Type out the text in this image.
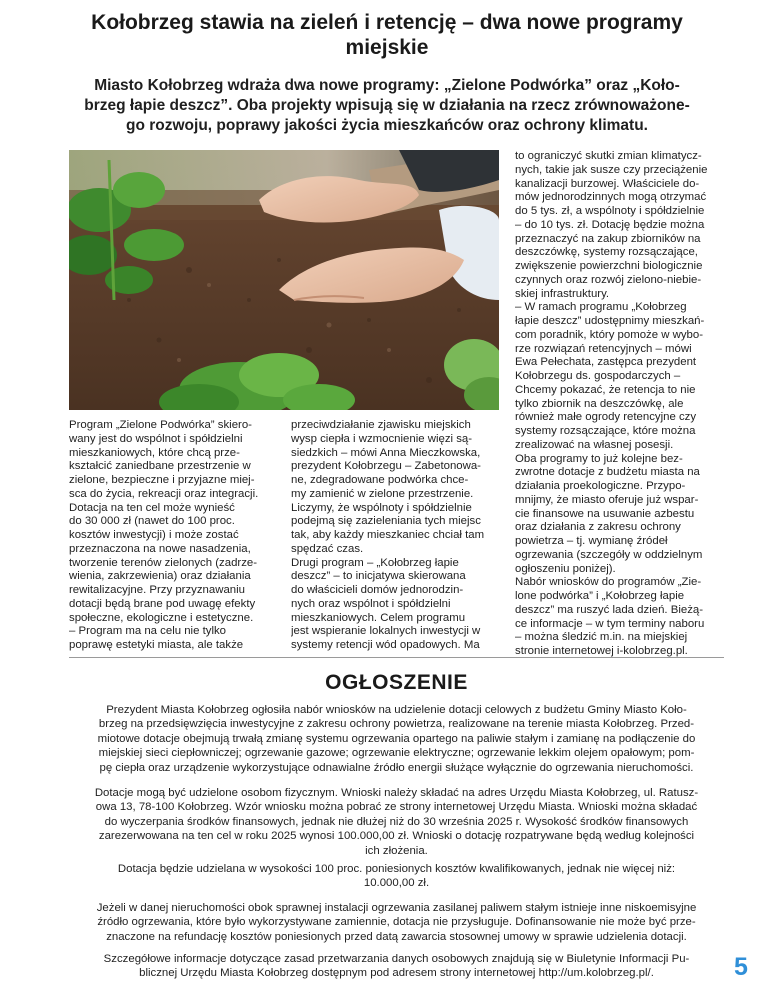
Kołobrzeg stawia na zieleń i retencję – dwa nowe programy
miejskie

Miasto Kołobrzeg wdraża dwa nowe programy: „Zielone Podwórka” oraz „Koło-
brzeg łapie deszcz”. Oba projekty wpisują się w działania na rzecz zrównoważone-
go rozwoju, poprawy jakości życia mieszkańców oraz ochrony klimatu.

Program „Zielone Podwórka” skiero-
wany jest do wspólnot i spółdzielni
mieszkaniowych, które chcą prze-
kształcić zaniedbane przestrzenie w
zielone, bezpieczne i przyjazne miej-
sca do życia, rekreacji oraz integracji.
Dotacja na ten cel może wynieść
do 30 000 zł (nawet do 100 proc.
kosztów inwestycji) i może zostać
przeznaczona na nowe nasadzenia,
tworzenie terenów zielonych (zadrze-
wienia, zakrzewienia) oraz działania
rewitalizacyjne. Przy przyznawaniu
dotacji będą brane pod uwagę efekty
społeczne, ekologiczne i estetyczne.
– Program ma na celu nie tylko
poprawę estetyki miasta, ale także
przeciwdziałanie zjawisku miejskich
wysp ciepła i wzmocnienie więzi są-
siedzkich – mówi Anna Mieczkowska,
prezydent Kołobrzegu – Zabetonowa-
ne, zdegradowane podwórka chce-
my zamienić w zielone przestrzenie.
Liczymy, że wspólnoty i spółdzielnie
podejmą się zazieleniania tych miejsc
tak, aby każdy mieszkaniec chciał tam
spędzać czas.
Drugi program – „Kołobrzeg łapie
deszcz” – to inicjatywa skierowana
do właścicieli domów jednorodzin-
nych oraz wspólnot i spółdzielni
mieszkaniowych. Celem programu
jest wspieranie lokalnych inwestycji w
systemy retencji wód opadowych. Ma
to ograniczyć skutki zmian klimatycz-
nych, takie jak susze czy przeciążenie
kanalizacji burzowej. Właściciele do-
mów jednorodzinnych mogą otrzymać
do 5 tys. zł, a wspólnoty i spółdzielnie
– do 10 tys. zł. Dotację będzie można
przeznaczyć na zakup zbiorników na
deszczówkę, systemy rozsączające,
zwiększenie powierzchni biologicznie
czynnych oraz rozwój zielono-niebie-
skiej infrastruktury.
– W ramach programu „Kołobrzeg
łapie deszcz” udostępnimy mieszkań-
com poradnik, który pomoże w wybo-
rze rozwiązań retencyjnych – mówi
Ewa Pełechata, zastępca prezydent
Kołobrzegu ds. gospodarczych –
Chcemy pokazać, że retencja to nie
tylko zbiornik na deszczówkę, ale
również małe ogrody retencyjne czy
systemy rozsączające, które można
zrealizować na własnej posesji.
Oba programy to już kolejne bez-
zwrotne dotacje z budżetu miasta na
działania proekologiczne. Przypo-
mnijmy, że miasto oferuje już wspar-
cie finansowe na usuwanie azbestu
oraz działania z zakresu ochrony
powietrza – tj. wymianę źródeł
ogrzewania (szczegóły w oddzielnym
ogłoszeniu poniżej).
Nabór wniosków do programów „Zie-
lone podwórka” i „Kołobrzeg łapie
deszcz” ma ruszyć lada dzień. Bieżą-
ce informacje – w tym terminy naboru
– można śledzić m.in. na miejskiej
stronie internetowej i-kolobrzeg.pl.
OGŁOSZENIE

Prezydent Miasta Kołobrzeg ogłosiła nabór wniosków na udzielenie dotacji celowych z budżetu Gminy Miasto Koło-
brzeg na przedsięwzięcia inwestycyjne z zakresu ochrony powietrza, realizowane na terenie miasta Kołobrzeg. Przed-
miotowe dotacje obejmują trwałą zmianę systemu ogrzewania opartego na paliwie stałym i zamianę na podłączenie do
miejskiej sieci ciepłowniczej; ogrzewanie gazowe; ogrzewanie elektryczne; ogrzewanie lekkim olejem opałowym; pom-
pę ciepła oraz urządzenie wykorzystujące odnawialne źródło energii służące wyłącznie do ogrzewania nieruchomości.

Dotacje mogą być udzielone osobom fizycznym. Wnioski należy składać na adres Urzędu Miasta Kołobrzeg, ul. Ratusz-
owa 13, 78-100 Kołobrzeg. Wzór wniosku można pobrać ze strony internetowej Urzędu Miasta. Wnioski można składać
do wyczerpania środków finansowych, jednak nie dłużej niż do 30 września 2025 r. Wysokość środków finansowych
zarezerwowana na ten cel w roku 2025 wynosi 100.000,00 zł. Wnioski o dotację rozpatrywane będą według kolejności
ich złożenia.

Dotacja będzie udzielana w wysokości 100 proc. poniesionych kosztów kwalifikowanych, jednak nie więcej niż:
10.000,00 zł.

Jeżeli w danej nieruchomości obok sprawnej instalacji ogrzewania zasilanej paliwem stałym istnieje inne niskoemisyjne
źródło ogrzewania, które było wykorzystywane zamiennie, dotacja nie przysługuje. Dofinansowanie nie może być prze-
znaczone na refundację kosztów poniesionych przed datą zawarcia stosownej umowy w sprawie udzielenia dotacji.

Szczegółowe informacje dotyczące zasad przetwarzania danych osobowych znajdują się w Biuletynie Informacji Pu-
blicznej Urzędu Miasta Kołobrzeg dostępnym pod adresem strony internetowej http://um.kolobrzeg.pl/.	5
